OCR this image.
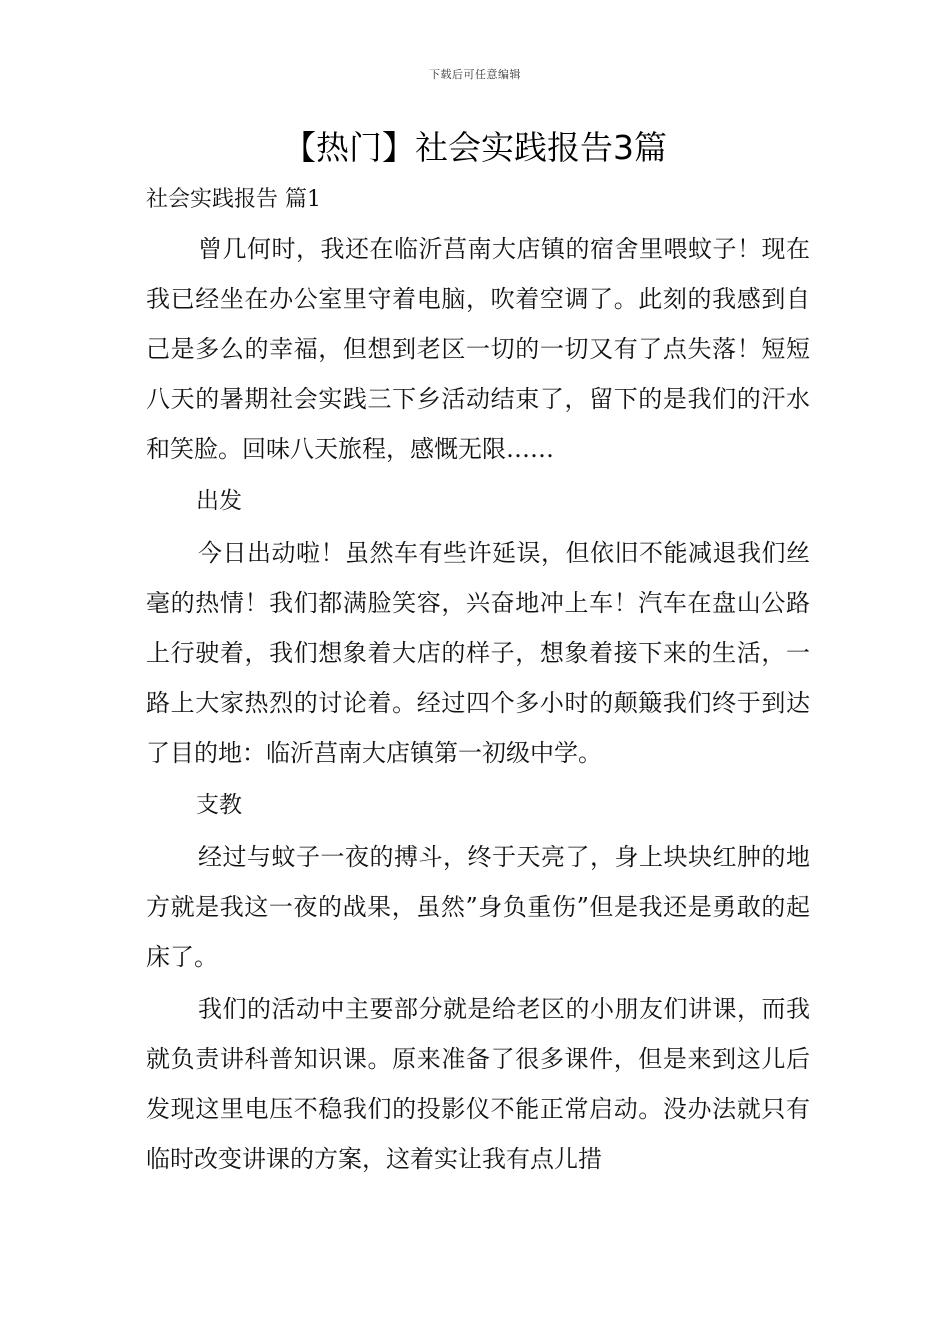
下载后可任意编辑
【热门】社会实践报告3篇

社会实践报告 篇1

曾几何时，我还在临沂莒南大店镇的宿舍里喂蚊子！现在我已经坐在办公室里守着电脑，吹着空调了。此刻的我感到自己是多么的幸福，但想到老区一切的一切又有了点失落！短短八天的暑期社会实践三下乡活动结束了，留下的是我们的汗水和笑脸。回味八天旅程，感慨无限……

出发

今日出动啦！虽然车有些许延误，但依旧不能减退我们丝毫的热情！我们都满脸笑容，兴奋地冲上车！汽车在盘山公路上行驶着，我们想象着大店的样子，想象着接下来的生活，一路上大家热烈的讨论着。经过四个多小时的颠簸我们终于到达了目的地：临沂莒南大店镇第一初级中学。

支教

经过与蚊子一夜的搏斗，终于天亮了，身上块块红肿的地方就是我这一夜的战果，虽然”身负重伤”但是我还是勇敢的起床了。

我们的活动中主要部分就是给老区的小朋友们讲课，而我就负责讲科普知识课。原来准备了很多课件，但是来到这儿后发现这里电压不稳我们的投影仪不能正常启动。没办法就只有临时改变讲课的方案，这着实让我有点儿措
